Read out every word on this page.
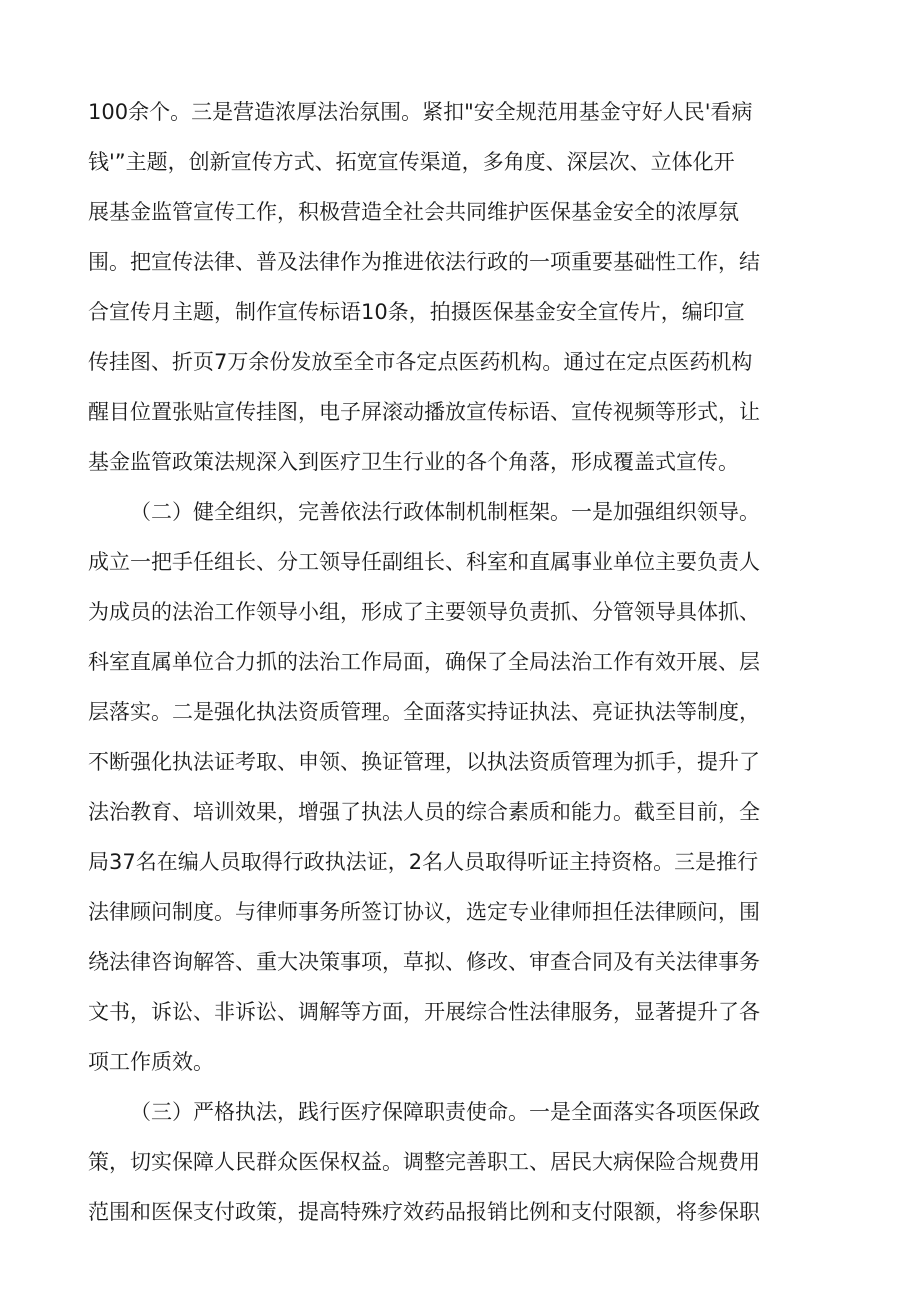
100余个。三是营造浓厚法治氛围。紧扣"安全规范用基金守好人民'看病
钱'”主题，创新宣传方式、拓宽宣传渠道，多角度、深层次、立体化开
展基金监管宣传工作，积极营造全社会共同维护医保基金安全的浓厚氛
围。把宣传法律、普及法律作为推进依法行政的一项重要基础性工作，结
合宣传月主题，制作宣传标语10条，拍摄医保基金安全宣传片，编印宣
传挂图、折页7万余份发放至全市各定点医药机构。通过在定点医药机构
醒目位置张贴宣传挂图，电子屏滚动播放宣传标语、宣传视频等形式，让
基金监管政策法规深入到医疗卫生行业的各个角落，形成覆盖式宣传。
（二）健全组织，完善依法行政体制机制框架。一是加强组织领导。
成立一把手任组长、分工领导任副组长、科室和直属事业单位主要负责人
为成员的法治工作领导小组，形成了主要领导负责抓、分管领导具体抓、
科室直属单位合力抓的法治工作局面，确保了全局法治工作有效开展、层
层落实。二是强化执法资质管理。全面落实持证执法、亮证执法等制度，
不断强化执法证考取、申领、换证管理，以执法资质管理为抓手，提升了
法治教育、培训效果，增强了执法人员的综合素质和能力。截至目前，全
局37名在编人员取得行政执法证，2名人员取得听证主持资格。三是推行
法律顾问制度。与律师事务所签订协议，选定专业律师担任法律顾问，围
绕法律咨询解答、重大决策事项，草拟、修改、审查合同及有关法律事务
文书，诉讼、非诉讼、调解等方面，开展综合性法律服务，显著提升了各
项工作质效。
（三）严格执法，践行医疗保障职责使命。一是全面落实各项医保政
策，切实保障人民群众医保权益。调整完善职工、居民大病保险合规费用
范围和医保支付政策，提高特殊疗效药品报销比例和支付限额，将参保职
